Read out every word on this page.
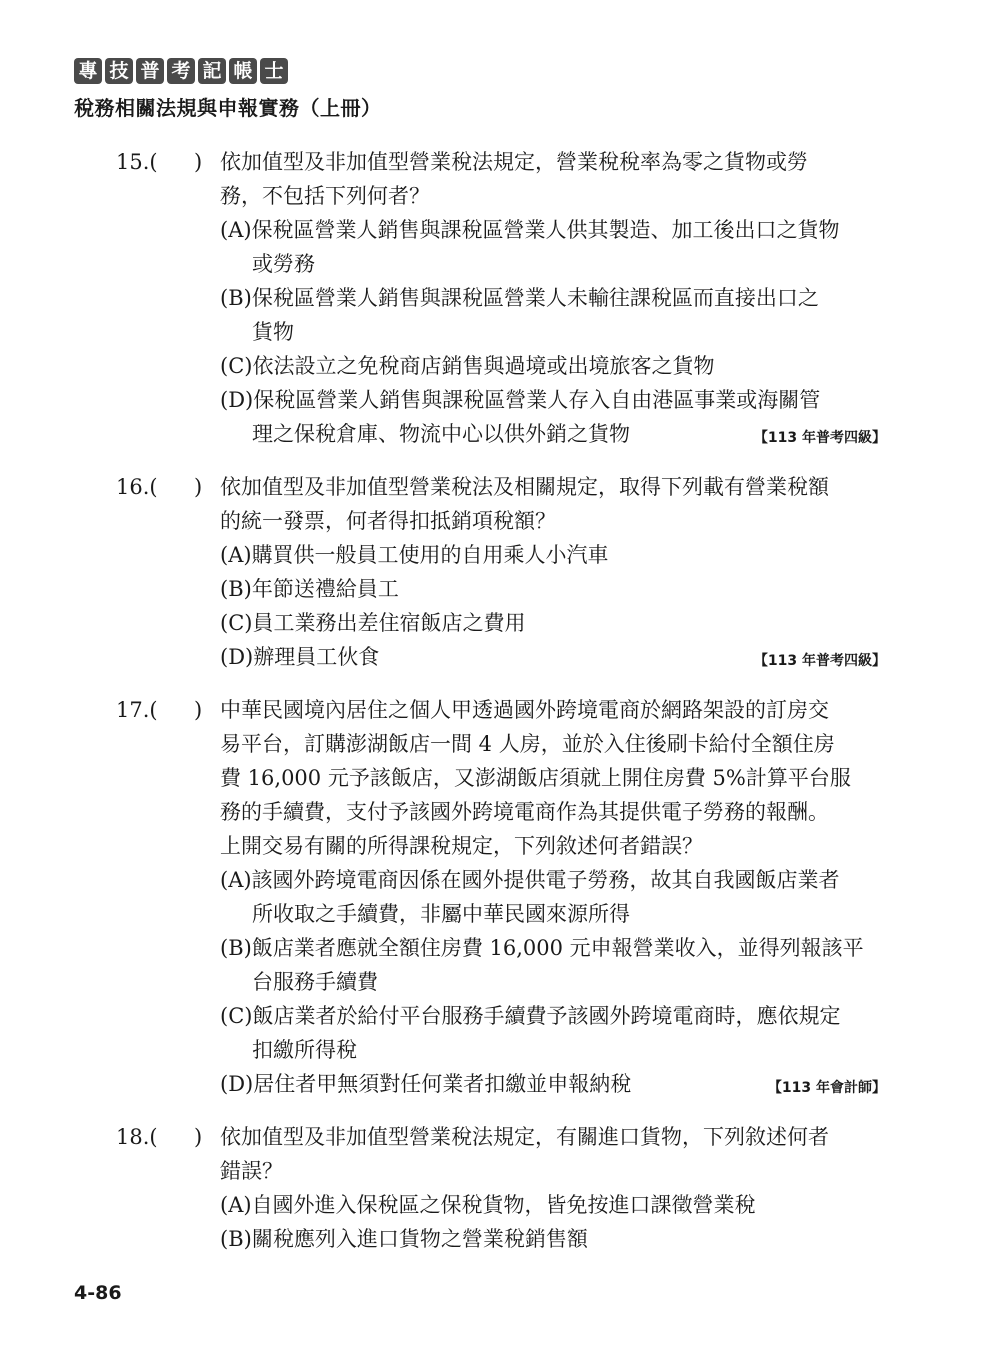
專 技 普 考 記 帳 士
稅務相關法規與申報實務（上冊）
15.( ) 依加值型及非加值型營業稅法規定，營業稅稅率為零之貨物或勞
務，不包括下列何者？
(A)保稅區營業人銷售與課稅區營業人供其製造、加工後出口之貨物
或勞務
(B)保稅區營業人銷售與課稅區營業人未輸往課稅區而直接出口之
貨物
(C)依法設立之免稅商店銷售與過境或出境旅客之貨物
(D)保稅區營業人銷售與課稅區營業人存入自由港區事業或海關管
理之保稅倉庫、物流中心以供外銷之貨物	【113 年普考四級】
16.( ) 依加值型及非加值型營業稅法及相關規定，取得下列載有營業稅額
的統一發票，何者得扣抵銷項稅額？
(A)購買供一般員工使用的自用乘人小汽車
(B)年節送禮給員工
(C)員工業務出差住宿飯店之費用
(D)辦理員工伙食	【113 年普考四級】
17.( ) 中華民國境內居住之個人甲透過國外跨境電商於網路架設的訂房交
易平台，訂購澎湖飯店一間 4 人房，並於入住後刷卡給付全額住房
費 16,000 元予該飯店，又澎湖飯店須就上開住房費 5%計算平台服
務的手續費，支付予該國外跨境電商作為其提供電子勞務的報酬。
上開交易有關的所得課稅規定，下列敘述何者錯誤？
(A)該國外跨境電商因係在國外提供電子勞務，故其自我國飯店業者
所收取之手續費，非屬中華民國來源所得
(B)飯店業者應就全額住房費 16,000 元申報營業收入，並得列報該平
台服務手續費
(C)飯店業者於給付平台服務手續費予該國外跨境電商時，應依規定
扣繳所得稅
(D)居住者甲無須對任何業者扣繳並申報納稅	【113 年會計師】
18.( ) 依加值型及非加值型營業稅法規定，有關進口貨物，下列敘述何者
錯誤？
(A)自國外進入保稅區之保稅貨物，皆免按進口課徵營業稅
(B)關稅應列入進口貨物之營業稅銷售額
4-86
